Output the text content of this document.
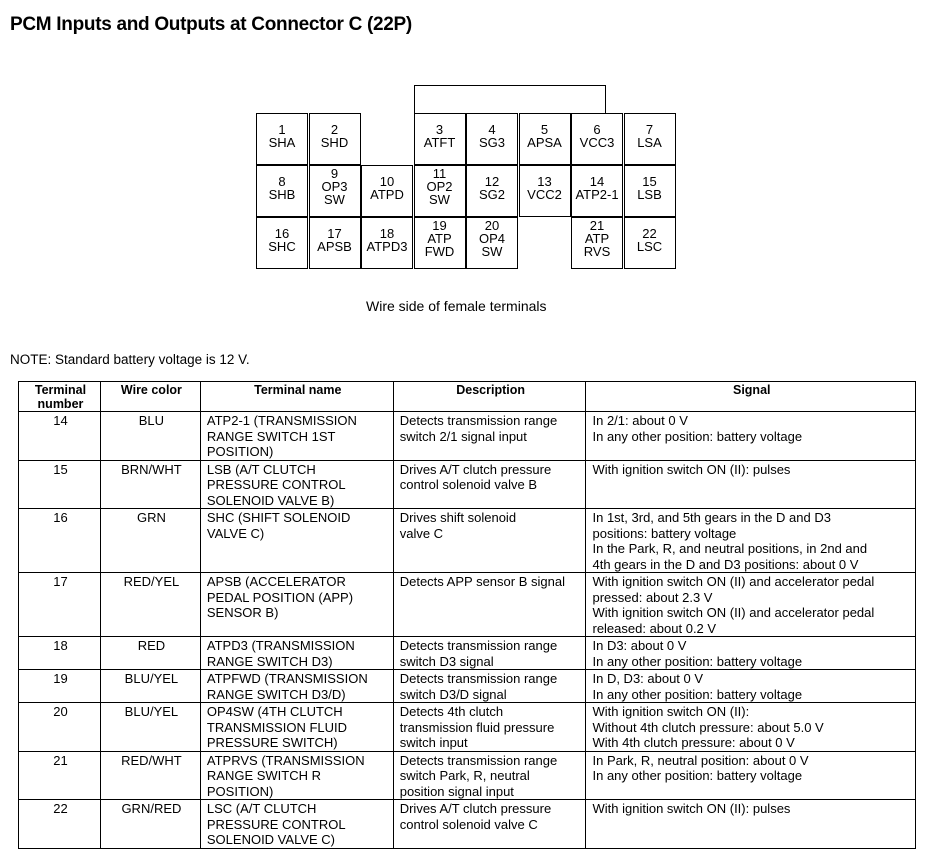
PCM Inputs and Outputs at Connector C (22P)
1
SHA
2
SHD
3
ATFT
4
SG3
5
APSA
6
VCC3
7
LSA
8
SHB
9
OP3
SW
10
ATPD
11
OP2
SW
12
SG2
13
VCC2
14
ATP2-1
15
LSB
16
SHC
17
APSB
18
ATPD3
19
ATP
FWD
20
OP4
SW
21
ATP
RVS
22
LSC
Wire side of female terminals
NOTE: Standard battery voltage is 12 V.
Terminal number	Wire color	Terminal name	Description	Signal
14	BLU	ATP2-1 (TRANSMISSION
RANGE SWITCH 1ST
POSITION)	Detects transmission range
switch 2/1 signal input	In 2/1: about 0 V
In any other position: battery voltage

15	BRN/WHT	LSB (A/T CLUTCH
PRESSURE CONTROL
SOLENOID VALVE B)	Drives A/T clutch pressure
control solenoid valve B	With ignition switch ON (II): pulses

16	GRN	SHC (SHIFT SOLENOID
VALVE C)	Drives shift solenoid
valve C	In 1st, 3rd, and 5th gears in the D and D3
positions: battery voltage
In the Park, R, and neutral positions, in 2nd and
4th gears in the D and D3 positions: about 0 V

17	RED/YEL	APSB (ACCELERATOR
PEDAL POSITION (APP)
SENSOR B)	Detects APP sensor B signal	With ignition switch ON (II) and accelerator pedal
pressed: about 2.3 V
With ignition switch ON (II) and accelerator pedal
released: about 0.2 V

18	RED	ATPD3 (TRANSMISSION
RANGE SWITCH D3)	Detects transmission range
switch D3 signal	In D3: about 0 V
In any other position: battery voltage

19	BLU/YEL	ATPFWD (TRANSMISSION
RANGE SWITCH D3/D)	Detects transmission range
switch D3/D signal	In D, D3: about 0 V
In any other position: battery voltage

20	BLU/YEL	OP4SW (4TH CLUTCH
TRANSMISSION FLUID
PRESSURE SWITCH)	Detects 4th clutch
transmission fluid pressure
switch input	With ignition switch ON (II):
Without 4th clutch pressure: about 5.0 V
With 4th clutch pressure: about 0 V

21	RED/WHT	ATPRVS (TRANSMISSION
RANGE SWITCH R
POSITION)	Detects transmission range
switch Park, R, neutral
position signal input	In Park, R, neutral position: about 0 V
In any other position: battery voltage

22	GRN/RED	LSC (A/T CLUTCH
PRESSURE CONTROL
SOLENOID VALVE C)	Drives A/T clutch pressure
control solenoid valve C	With ignition switch ON (II): pulses
